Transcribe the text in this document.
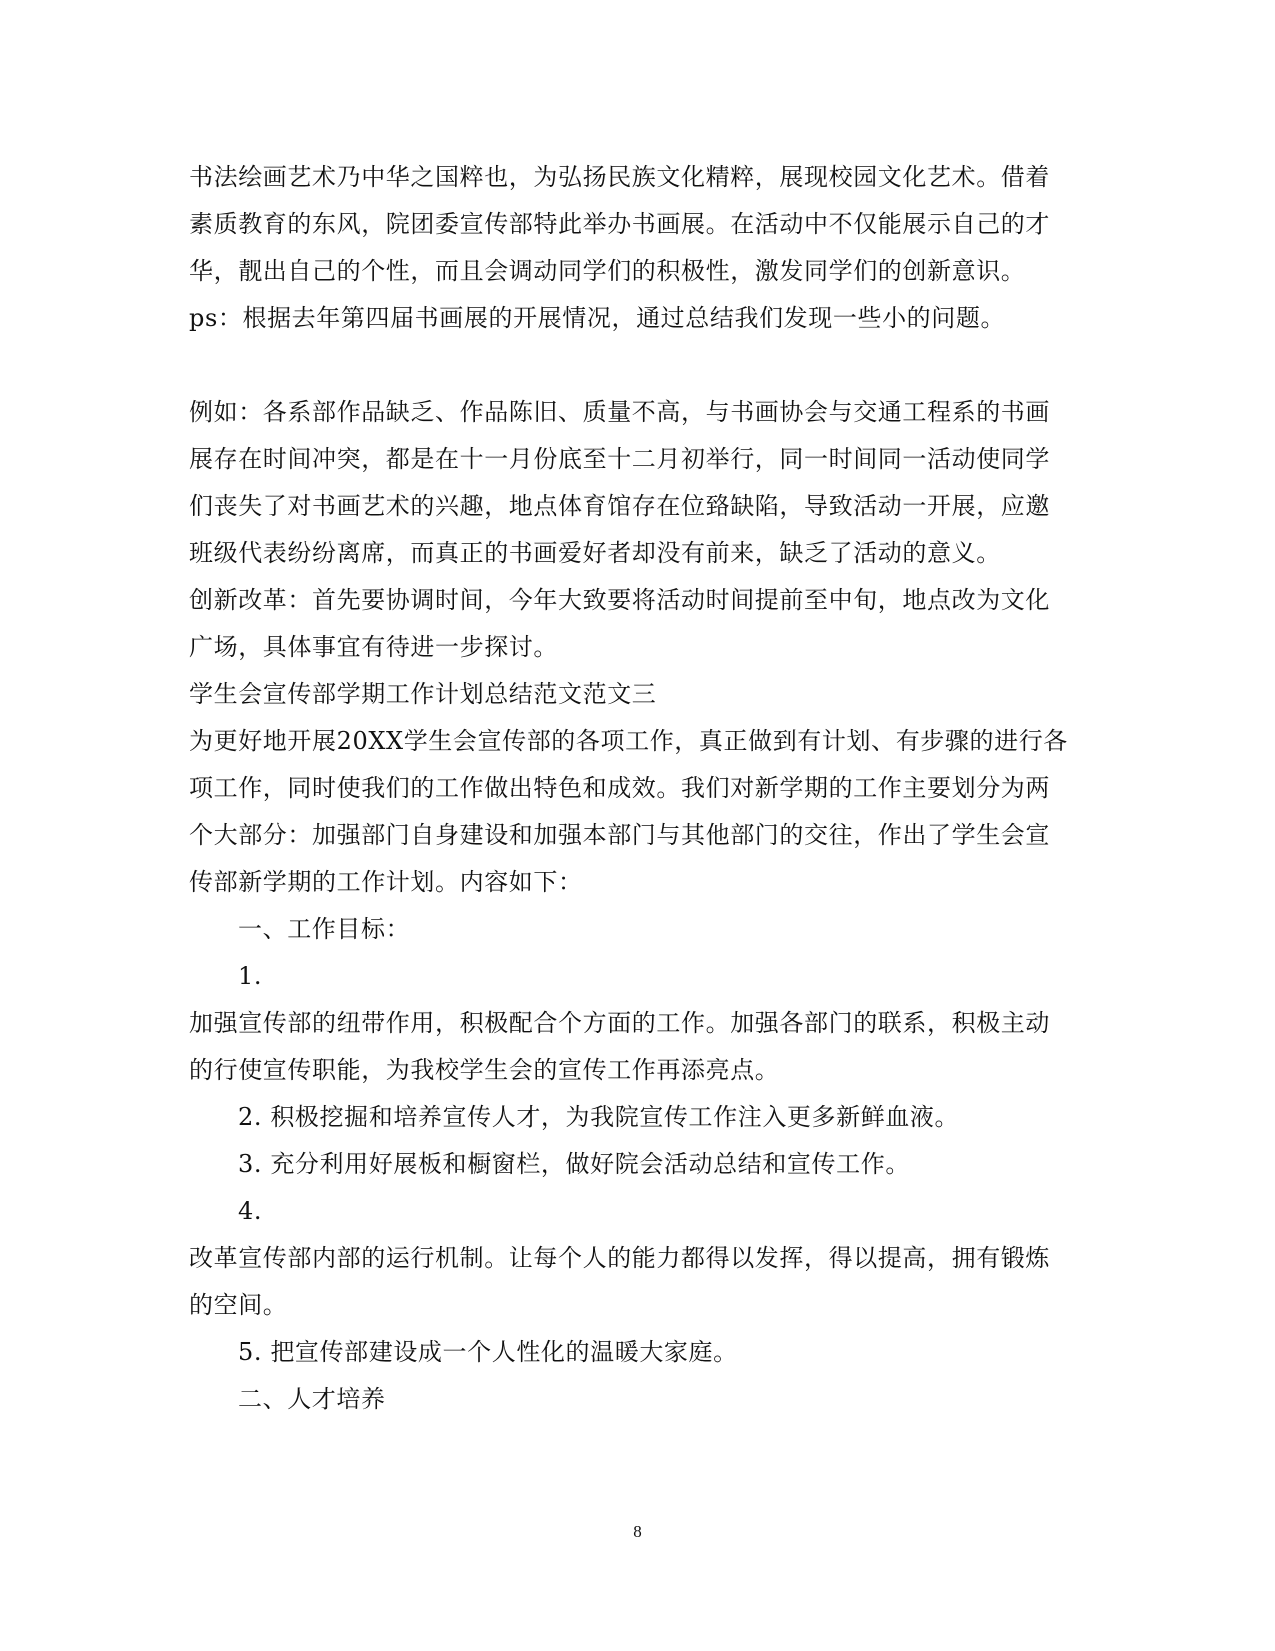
书法绘画艺术乃中华之国粹也，为弘扬民族文化精粹，展现校园文化艺术。借着
素质教育的东风，院团委宣传部特此举办书画展。在活动中不仅能展示自己的才
华，靓出自己的个性，而且会调动同学们的积极性，激发同学们的创新意识。
ps：根据去年第四届书画展的开展情况，通过总结我们发现一些小的问题。
例如：各系部作品缺乏、作品陈旧、质量不高，与书画协会与交通工程系的书画
展存在时间冲突，都是在十一月份底至十二月初举行，同一时间同一活动使同学
们丧失了对书画艺术的兴趣，地点体育馆存在位臵缺陷，导致活动一开展，应邀
班级代表纷纷离席，而真正的书画爱好者却没有前来，缺乏了活动的意义。
创新改革：首先要协调时间，今年大致要将活动时间提前至中旬，地点改为文化
广场，具体事宜有待进一步探讨。
学生会宣传部学期工作计划总结范文范文三
为更好地开展20XX学生会宣传部的各项工作，真正做到有计划、有步骤的进行各
项工作，同时使我们的工作做出特色和成效。我们对新学期的工作主要划分为两
个大部分：加强部门自身建设和加强本部门与其他部门的交往，作出了学生会宣
传部新学期的工作计划。内容如下：
一、工作目标：
1.
加强宣传部的纽带作用，积极配合个方面的工作。加强各部门的联系，积极主动
的行使宣传职能，为我校学生会的宣传工作再添亮点。
2. 积极挖掘和培养宣传人才，为我院宣传工作注入更多新鲜血液。
3. 充分利用好展板和橱窗栏，做好院会活动总结和宣传工作。
4.
改革宣传部内部的运行机制。让每个人的能力都得以发挥，得以提高，拥有锻炼
的空间。
5. 把宣传部建设成一个人性化的温暖大家庭。
二、人才培养
8
